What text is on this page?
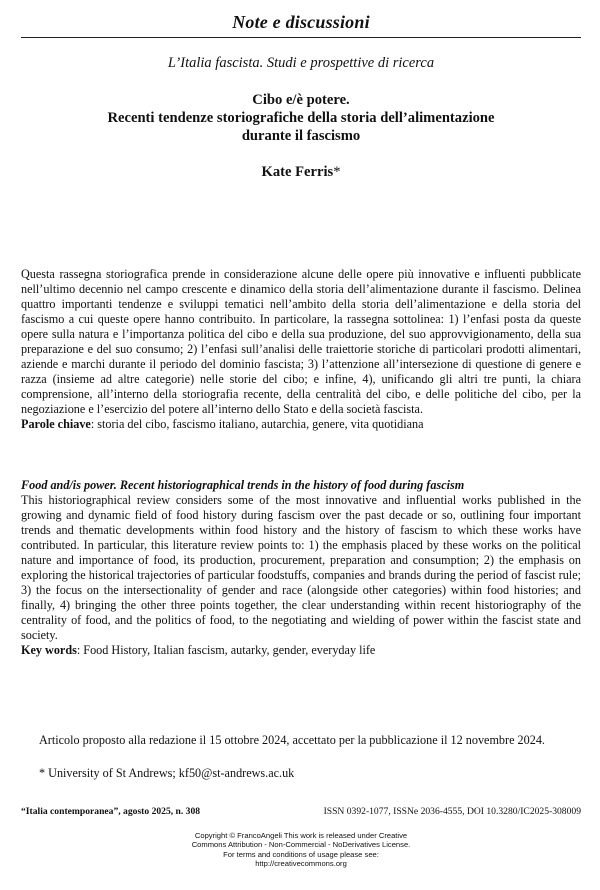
Note e discussioni
L’Italia fascista. Studi e prospettive di ricerca
Cibo e/è potere.
Recenti tendenze storiografiche della storia dell’alimentazione
durante il fascismo
Kate Ferris*

Questa rassegna storiografica prende in considerazione alcune delle opere più innovative e influenti pubblicate nell’ultimo decennio nel campo crescente e dinamico della storia dell’alimentazione durante il fascismo. Delinea quattro importanti tendenze e sviluppi tematici nell’ambito della storia dell’alimentazione e della storia del fascismo a cui queste opere hanno contribuito. In particolare, la rassegna sottolinea: 1) l’enfasi posta da queste opere sulla natura e l’importanza politica del cibo e della sua produzione, del suo approvvigionamento, della sua preparazione e del suo consumo; 2) l’enfasi sull’analisi delle traiettorie storiche di particolari prodotti alimentari, aziende e marchi durante il periodo del dominio fascista; 3) l’attenzione all’intersezione di questione di genere e razza (insieme ad altre categorie) nelle storie del cibo; e infine, 4), unificando gli altri tre punti, la chiara comprensione, all’interno della storiografia recente, della centralità del cibo, e delle politiche del cibo, per la negoziazione e l’esercizio del potere all’interno dello Stato e della società fascista.

Parole chiave: storia del cibo, fascismo italiano, autarchia, genere, vita quotidiana

Food and/is power. Recent historiographical trends in the history of food during fascism

This historiographical review considers some of the most innovative and influential works published in the growing and dynamic field of food history during fascism over the past decade or so, outlining four important trends and thematic developments within food history and the history of fascism to which these works have contributed. In particular, this literature review points to: 1) the emphasis placed by these works on the political nature and importance of food, its production, procurement, preparation and consumption; 2) the emphasis on exploring the historical trajectories of particular foodstuffs, companies and brands during the period of fascist rule; 3) the focus on the intersectionality of gender and race (alongside other categories) within food histories; and finally, 4) bringing the other three points together, the clear understanding within recent historiography of the centrality of food, and the politics of food, to the negotiating and wielding of power within the fascist state and society.

Key words: Food History, Italian fascism, autarky, gender, everyday life

Articolo proposto alla redazione il 15 ottobre 2024, accettato per la pubblicazione il 12 novembre 2024.
* University of St Andrews; kf50@st-andrews.ac.uk
“Italia contemporanea”, agosto 2025, n. 308	ISSN 0392-1077, ISSNe 2036-4555, DOI 10.3280/IC2025-308009
Copyright © FrancoAngeli This work is released under Creative
Commons Attribution - Non-Commercial - NoDerivatives License.
For terms and conditions of usage please see:
http://creativecommons.org
